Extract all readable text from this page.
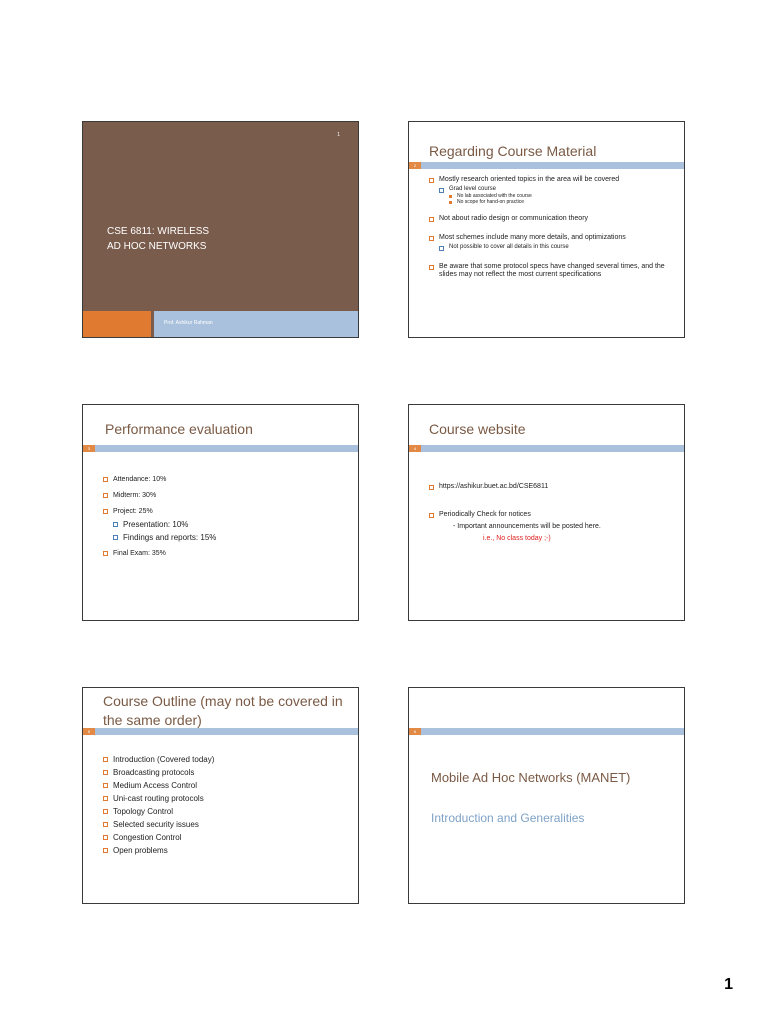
1
CSE 6811: WIRELESS
AD HOC NETWORKS
Prof. Ashikur Rahman
Regarding Course Material
2
Mostly research oriented topics in the area will be covered
Grad level course
No lab associated with the course
No scope for hand-on practice
Not about radio design or communication theory
Most schemes include many more details, and optimizations
Not possible to cover all details in this course
Be aware that some protocol specs have changed several times, and the slides may not reflect the most current specifications
Performance evaluation
3
Attendance: 10%
Midterm: 30%
Project: 25%
Presentation: 10%
Findings and reports: 15%
Final Exam: 35%
Course website
4
https://ashikur.buet.ac.bd/CSE6811
Periodically Check for notices
- Important announcements will be posted here.
i.e., No class today ;-)
Course Outline (may not be covered in the same order)
5
Introduction (Covered today)
Broadcasting protocols
Medium Access Control
Uni-cast routing protocols
Topology Control
Selected security issues
Congestion Control
Open problems
6
Mobile Ad Hoc Networks (MANET)
Introduction and Generalities
1
